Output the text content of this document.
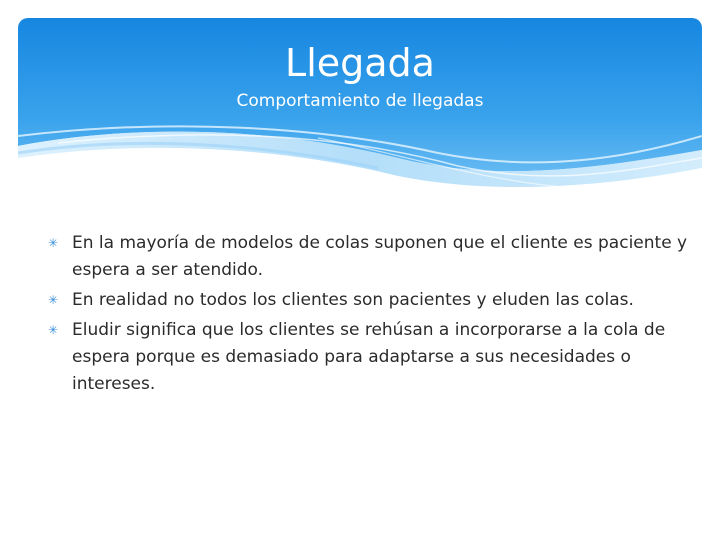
Llegada
Comportamiento de llegadas
✳ En la mayoría de modelos de colas suponen que el cliente es paciente y espera a ser atendido.
✳ En realidad no todos los clientes son pacientes y eluden las colas.
✳ Eludir significa que los clientes se rehúsan a incorporarse a la cola de espera porque es demasiado para adaptarse a sus necesidades o intereses.
